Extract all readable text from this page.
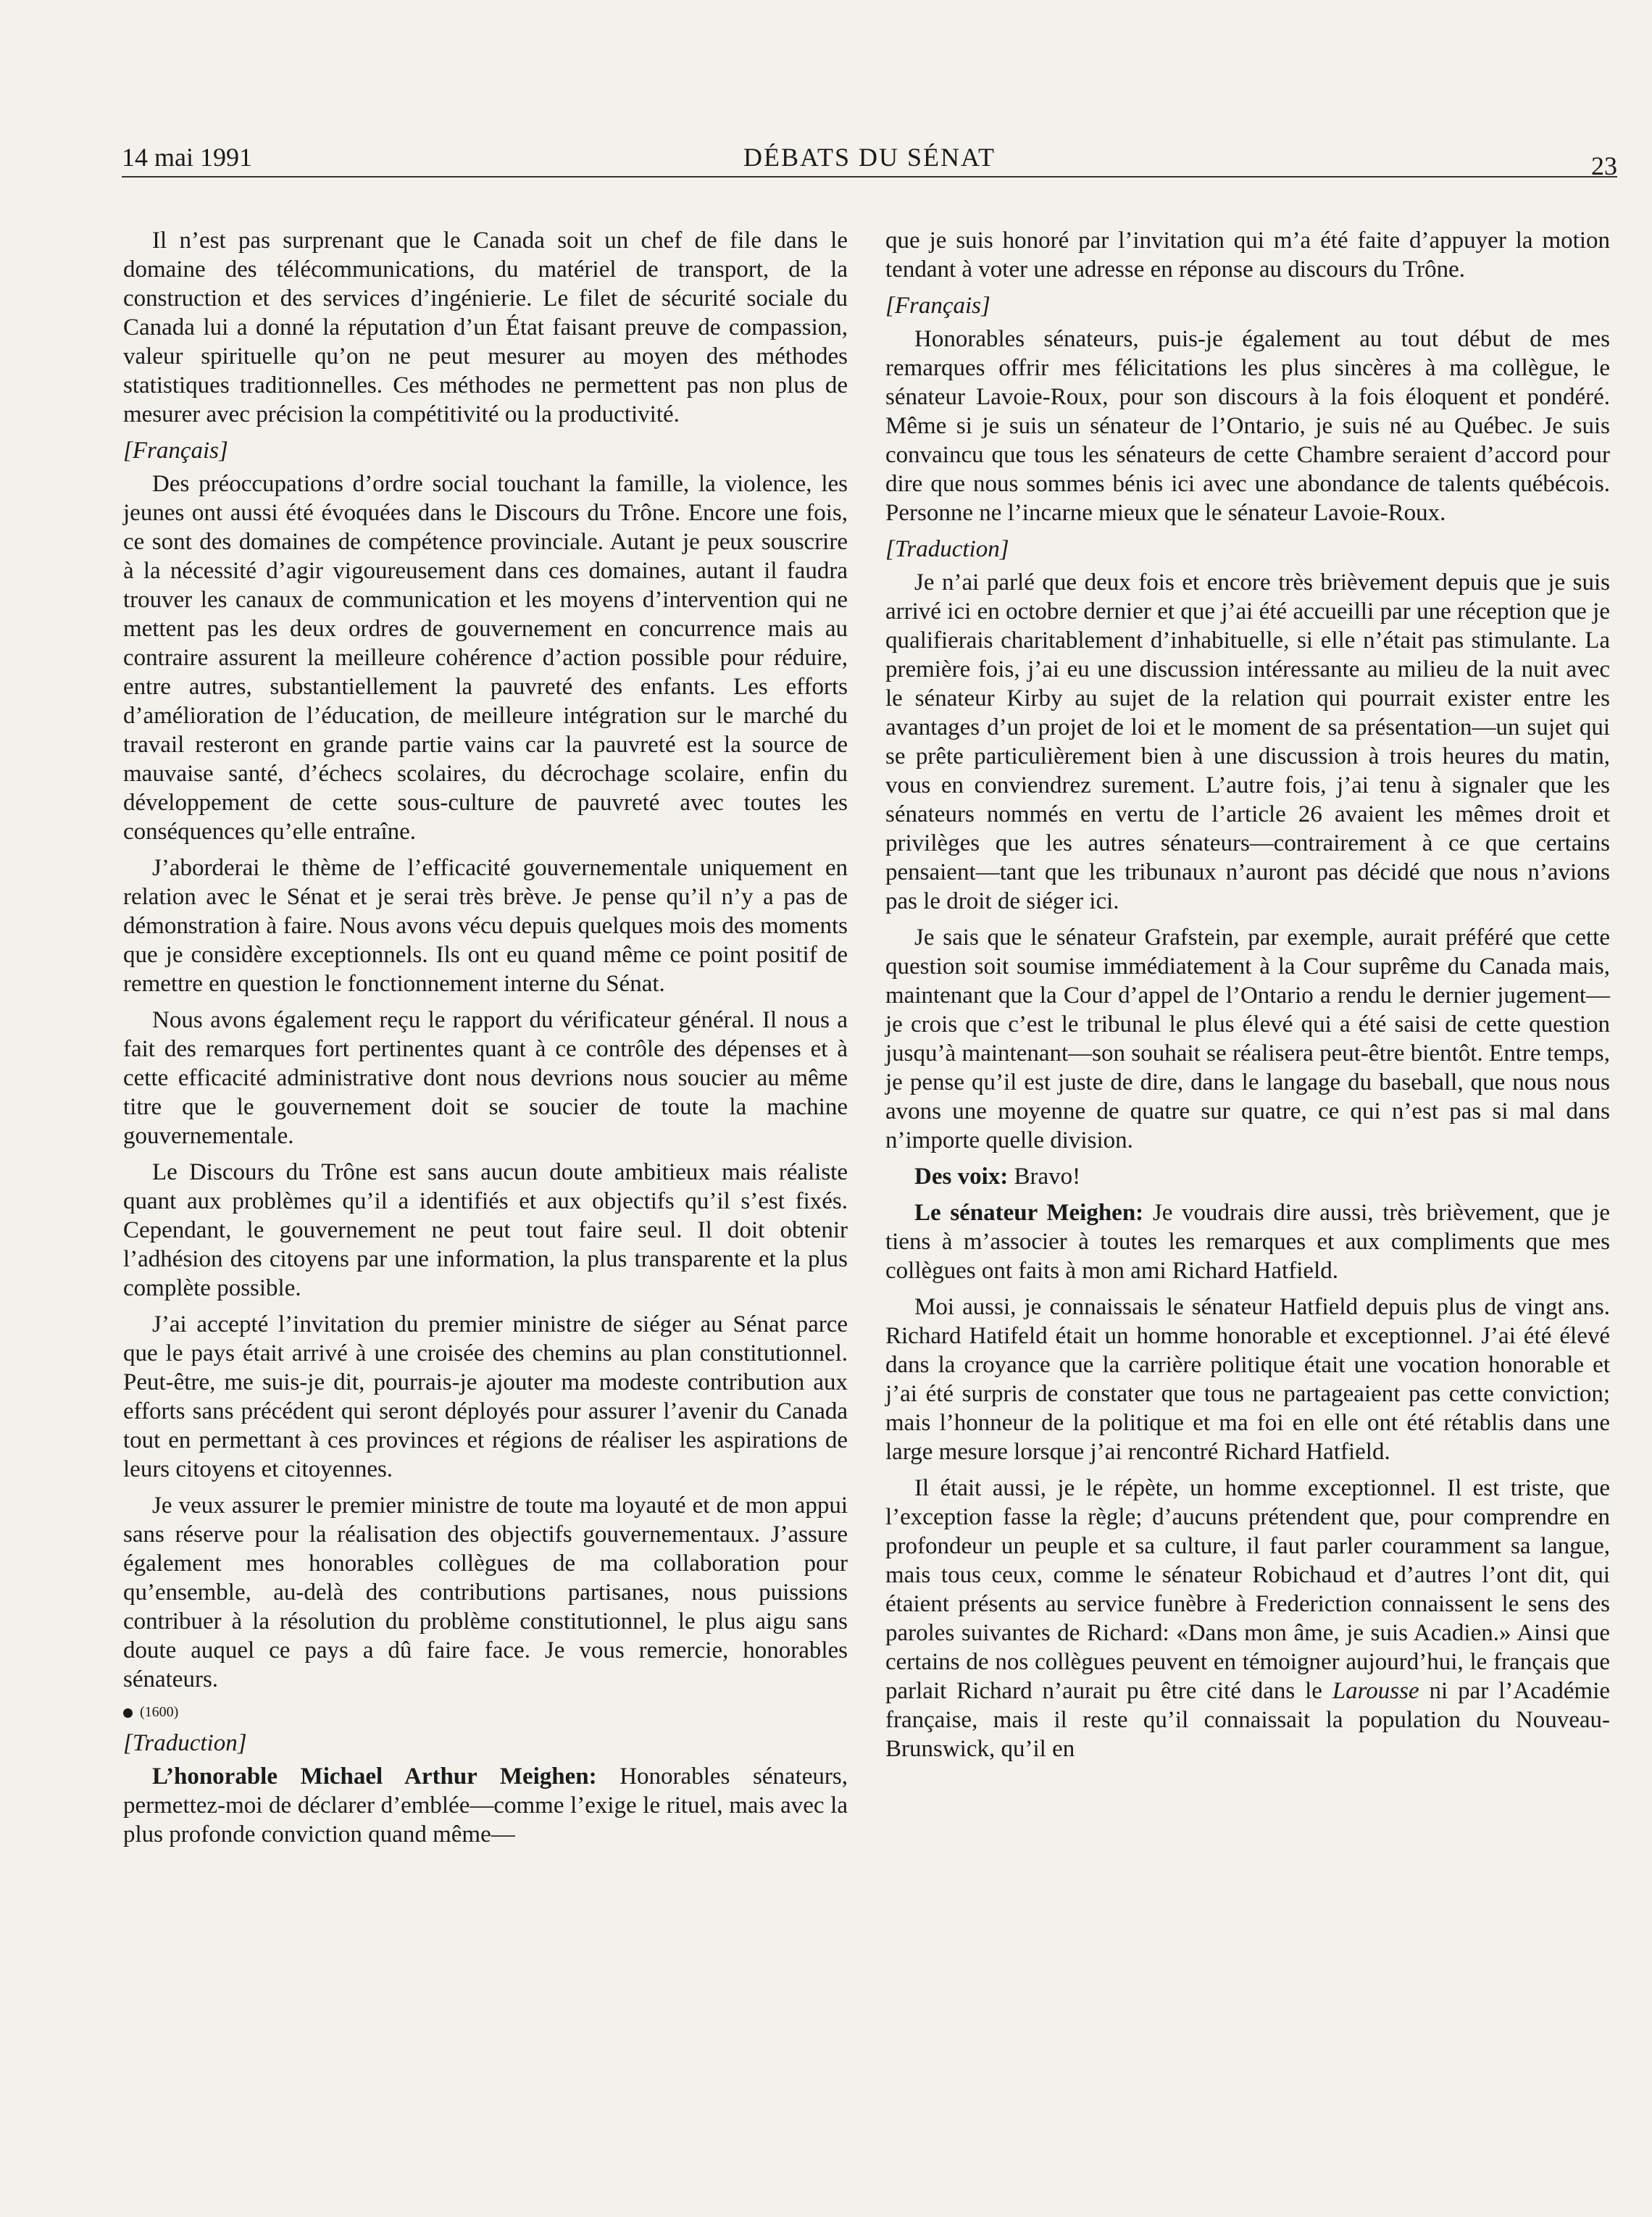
14 mai 1991	DÉBATS DU SÉNAT	23

Il n’est pas surprenant que le Canada soit un chef de file dans le domaine des télécommunications, du matériel de transport, de la construction et des services d’ingénierie. Le filet de sécurité sociale du Canada lui a donné la réputation d’un État faisant preuve de compassion, valeur spirituelle qu’on ne peut mesurer au moyen des méthodes statistiques traditionnelles. Ces méthodes ne permettent pas non plus de mesurer avec précision la compétitivité ou la productivité.

[Français]

Des préoccupations d’ordre social touchant la famille, la violence, les jeunes ont aussi été évoquées dans le Discours du Trône. Encore une fois, ce sont des domaines de compétence provinciale. Autant je peux souscrire à la nécessité d’agir vigoureusement dans ces domaines, autant il faudra trouver les canaux de communication et les moyens d’intervention qui ne mettent pas les deux ordres de gouvernement en concurrence mais au contraire assurent la meilleure cohérence d’action possible pour réduire, entre autres, substantiellement la pauvreté des enfants. Les efforts d’amélioration de l’éducation, de meilleure intégration sur le marché du travail resteront en grande partie vains car la pauvreté est la source de mauvaise santé, d’échecs scolaires, du décrochage scolaire, enfin du développement de cette sous-culture de pauvreté avec toutes les conséquences qu’elle entraîne.

J’aborderai le thème de l’efficacité gouvernementale uniquement en relation avec le Sénat et je serai très brève. Je pense qu’il n’y a pas de démonstration à faire. Nous avons vécu depuis quelques mois des moments que je considère exceptionnels. Ils ont eu quand même ce point positif de remettre en question le fonctionnement interne du Sénat.

Nous avons également reçu le rapport du vérificateur général. Il nous a fait des remarques fort pertinentes quant à ce contrôle des dépenses et à cette efficacité administrative dont nous devrions nous soucier au même titre que le gouvernement doit se soucier de toute la machine gouvernementale.

Le Discours du Trône est sans aucun doute ambitieux mais réaliste quant aux problèmes qu’il a identifiés et aux objectifs qu’il s’est fixés. Cependant, le gouvernement ne peut tout faire seul. Il doit obtenir l’adhésion des citoyens par une information, la plus transparente et la plus complète possible.

J’ai accepté l’invitation du premier ministre de siéger au Sénat parce que le pays était arrivé à une croisée des chemins au plan constitutionnel. Peut-être, me suis-je dit, pourrais-je ajouter ma modeste contribution aux efforts sans précédent qui seront déployés pour assurer l’avenir du Canada tout en permettant à ces provinces et régions de réaliser les aspirations de leurs citoyens et citoyennes.

Je veux assurer le premier ministre de toute ma loyauté et de mon appui sans réserve pour la réalisation des objectifs gouvernementaux. J’assure également mes honorables collègues de ma collaboration pour qu’ensemble, au-delà des contributions partisanes, nous puissions contribuer à la résolution du problème constitutionnel, le plus aigu sans doute auquel ce pays a dû faire face. Je vous remercie, honorables sénateurs.

(1600)
[Traduction]

L’honorable Michael Arthur Meighen: Honorables sénateurs, permettez-moi de déclarer d’emblée—comme l’exige le rituel, mais avec la plus profonde conviction quand même—

que je suis honoré par l’invitation qui m’a été faite d’appuyer la motion tendant à voter une adresse en réponse au discours du Trône.

[Français]

Honorables sénateurs, puis-je également au tout début de mes remarques offrir mes félicitations les plus sincères à ma collègue, le sénateur Lavoie-Roux, pour son discours à la fois éloquent et pondéré. Même si je suis un sénateur de l’Ontario, je suis né au Québec. Je suis convaincu que tous les sénateurs de cette Chambre seraient d’accord pour dire que nous sommes bénis ici avec une abondance de talents québécois. Personne ne l’incarne mieux que le sénateur Lavoie-Roux.

[Traduction]

Je n’ai parlé que deux fois et encore très brièvement depuis que je suis arrivé ici en octobre dernier et que j’ai été accueilli par une réception que je qualifierais charitablement d’inhabituelle, si elle n’était pas stimulante. La première fois, j’ai eu une discussion intéressante au milieu de la nuit avec le sénateur Kirby au sujet de la relation qui pourrait exister entre les avantages d’un projet de loi et le moment de sa présentation—un sujet qui se prête particulièrement bien à une discussion à trois heures du matin, vous en conviendrez surement. L’autre fois, j’ai tenu à signaler que les sénateurs nommés en vertu de l’article 26 avaient les mêmes droit et privilèges que les autres sénateurs—contrairement à ce que certains pensaient—tant que les tribunaux n’auront pas décidé que nous n’avions pas le droit de siéger ici.

Je sais que le sénateur Grafstein, par exemple, aurait préféré que cette question soit soumise immédiatement à la Cour suprême du Canada mais, maintenant que la Cour d’appel de l’Ontario a rendu le dernier jugement—je crois que c’est le tribunal le plus élevé qui a été saisi de cette question jusqu’à maintenant—son souhait se réalisera peut-être bientôt. Entre temps, je pense qu’il est juste de dire, dans le langage du baseball, que nous nous avons une moyenne de quatre sur quatre, ce qui n’est pas si mal dans n’importe quelle division.

Des voix: Bravo!

Le sénateur Meighen: Je voudrais dire aussi, très brièvement, que je tiens à m’associer à toutes les remarques et aux compliments que mes collègues ont faits à mon ami Richard Hatfield.

Moi aussi, je connaissais le sénateur Hatfield depuis plus de vingt ans. Richard Hatifeld était un homme honorable et exceptionnel. J’ai été élevé dans la croyance que la carrière politique était une vocation honorable et j’ai été surpris de constater que tous ne partageaient pas cette conviction; mais l’honneur de la politique et ma foi en elle ont été rétablis dans une large mesure lorsque j’ai rencontré Richard Hatfield.

Il était aussi, je le répète, un homme exceptionnel. Il est triste, que l’exception fasse la règle; d’aucuns prétendent que, pour comprendre en profondeur un peuple et sa culture, il faut parler couramment sa langue, mais tous ceux, comme le sénateur Robichaud et d’autres l’ont dit, qui étaient présents au service funèbre à Frederiction connaissent le sens des paroles suivantes de Richard: «Dans mon âme, je suis Acadien.» Ainsi que certains de nos collègues peuvent en témoigner aujourd’hui, le français que parlait Richard n’aurait pu être cité dans le Larousse ni par l’Académie française, mais il reste qu’il connaissait la population du Nouveau-Brunswick, qu’il en
